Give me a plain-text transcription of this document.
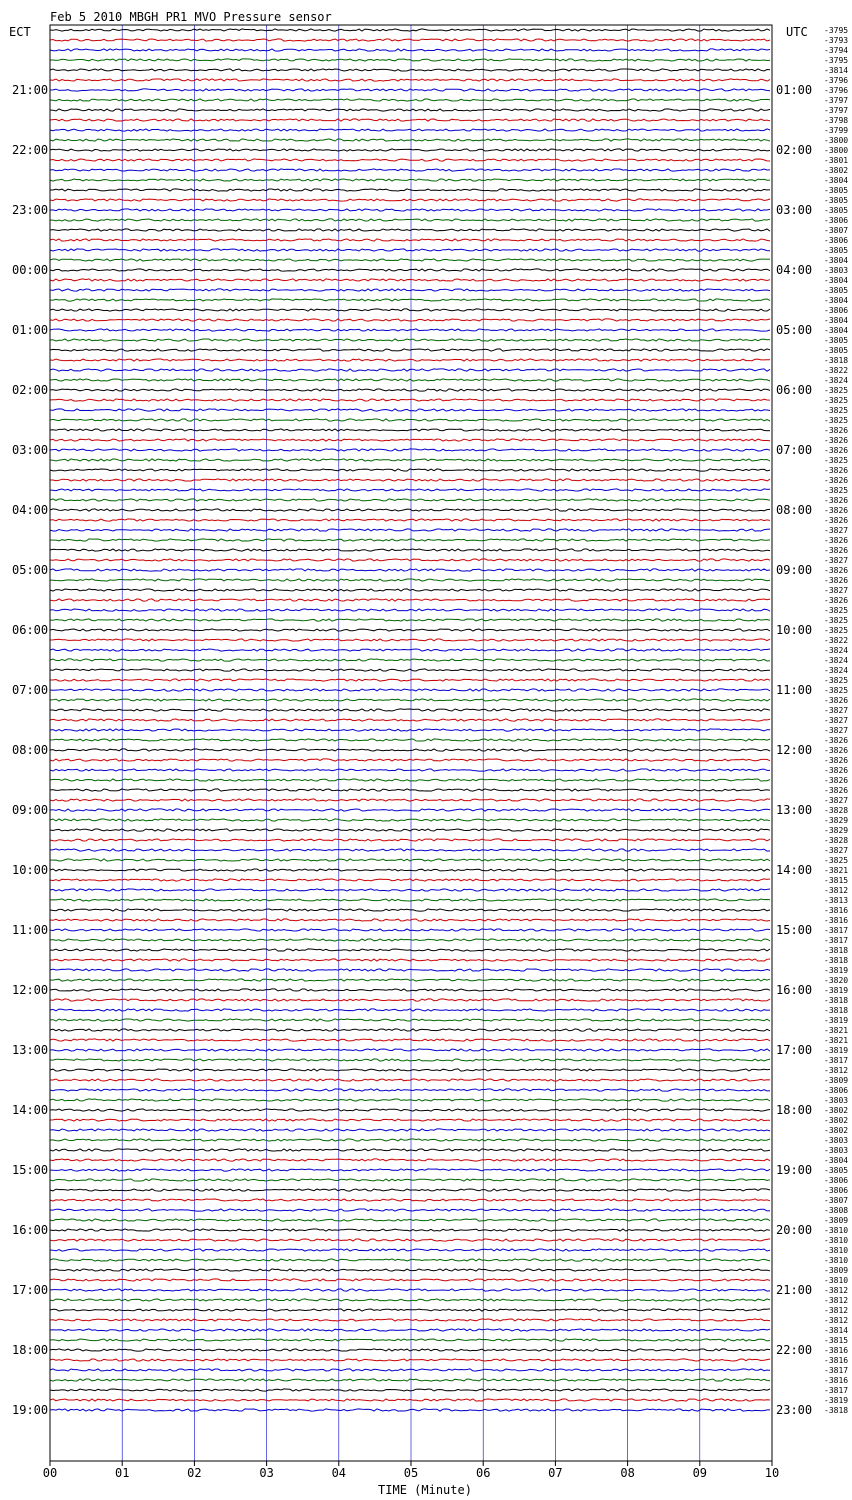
Feb 5 2010 MBGH PR1 MVO Pressure sensor
ECT	UTC
21:00
22:00
23:00
00:00
01:00
02:00
03:00
04:00
05:00
06:00
07:00
08:00
09:00
10:00
11:00
12:00
13:00
14:00
15:00
16:00
17:00
18:00
19:00
01:00
02:00
03:00
04:00
05:00
06:00
07:00
08:00
09:00
10:00
11:00
12:00
13:00
14:00
15:00
16:00
17:00
18:00
19:00
20:00
21:00
22:00
23:00
-3795
-3793
-3794
-3795
-3814
-3796
-3796
-3797
-3797
-3798
-3799
-3800
-3800
-3801
-3802
-3804
-3805
-3805
-3805
-3806
-3807
-3806
-3805
-3804
-3803
-3804
-3805
-3804
-3806
-3804
-3804
-3805
-3805
-3818
-3822
-3824
-3825
-3825
-3825
-3825
-3826
-3826
-3826
-3825
-3826
-3826
-3825
-3826
-3826
-3826
-3827
-3826
-3826
-3827
-3826
-3826
-3827
-3826
-3825
-3825
-3825
-3822
-3824
-3824
-3824
-3825
-3825
-3826
-3827
-3827
-3827
-3826
-3826
-3826
-3826
-3826
-3826
-3827
-3828
-3829
-3829
-3828
-3827
-3825
-3821
-3815
-3812
-3813
-3816
-3816
-3817
-3817
-3818
-3818
-3819
-3820
-3819
-3818
-3818
-3819
-3821
-3821
-3819
-3817
-3812
-3809
-3806
-3803
-3802
-3802
-3802
-3803
-3803
-3804
-3805
-3806
-3806
-3807
-3808
-3809
-3810
-3810
-3810
-3810
-3809
-3810
-3812
-3812
-3812
-3812
-3814
-3815
-3816
-3816
-3817
-3816
-3817
-3819
-3818
00	01	02	03	04	05	06	07	08	09	10
TIME (Minute)
